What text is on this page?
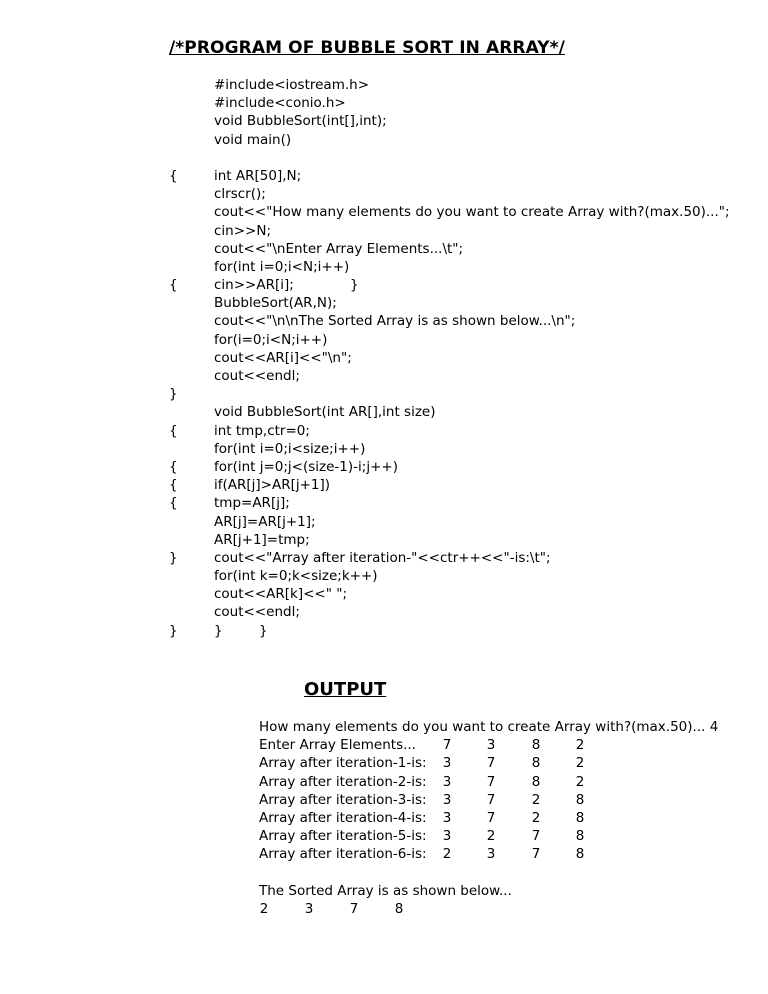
/*PROGRAM OF BUBBLE SORT IN ARRAY*/
#include<iostream.h>
#include<conio.h>
void BubbleSort(int[],int);
void main()
{	int AR[50],N;
clrscr();
cout<<"How many elements do you want to create Array with?(max.50)...";
cin>>N;
cout<<"\nEnter Array Elements...\t";
for(int i=0;i<N;i++)
{	cin>>AR[i];	}
BubbleSort(AR,N);
cout<<"\n\nThe Sorted Array is as shown below...\n";
for(i=0;i<N;i++)
cout<<AR[i]<<"\n";
cout<<endl;
}
void BubbleSort(int AR[],int size)
{	int tmp,ctr=0;
for(int i=0;i<size;i++)
{	for(int j=0;j<(size-1)-i;j++)
{	if(AR[j]>AR[j+1])
{	tmp=AR[j];
AR[j]=AR[j+1];
AR[j+1]=tmp;
}	cout<<"Array after iteration-"<<ctr++<<"-is:\t";
for(int k=0;k<size;k++)
cout<<AR[k]<<" ";
cout<<endl;
}	}	}
OUTPUT
How many elements do you want to create Array with?(max.50)... 4
Enter Array Elements...	7	3	8	2
Array after iteration-1-is:	3	7	8	2
Array after iteration-2-is:	3	7	8	2
Array after iteration-3-is:	3	7	2	8
Array after iteration-4-is:	3	7	2	8
Array after iteration-5-is:	3	2	7	8
Array after iteration-6-is:	2	3	7	8
The Sorted Array is as shown below...
2	3	7	8
